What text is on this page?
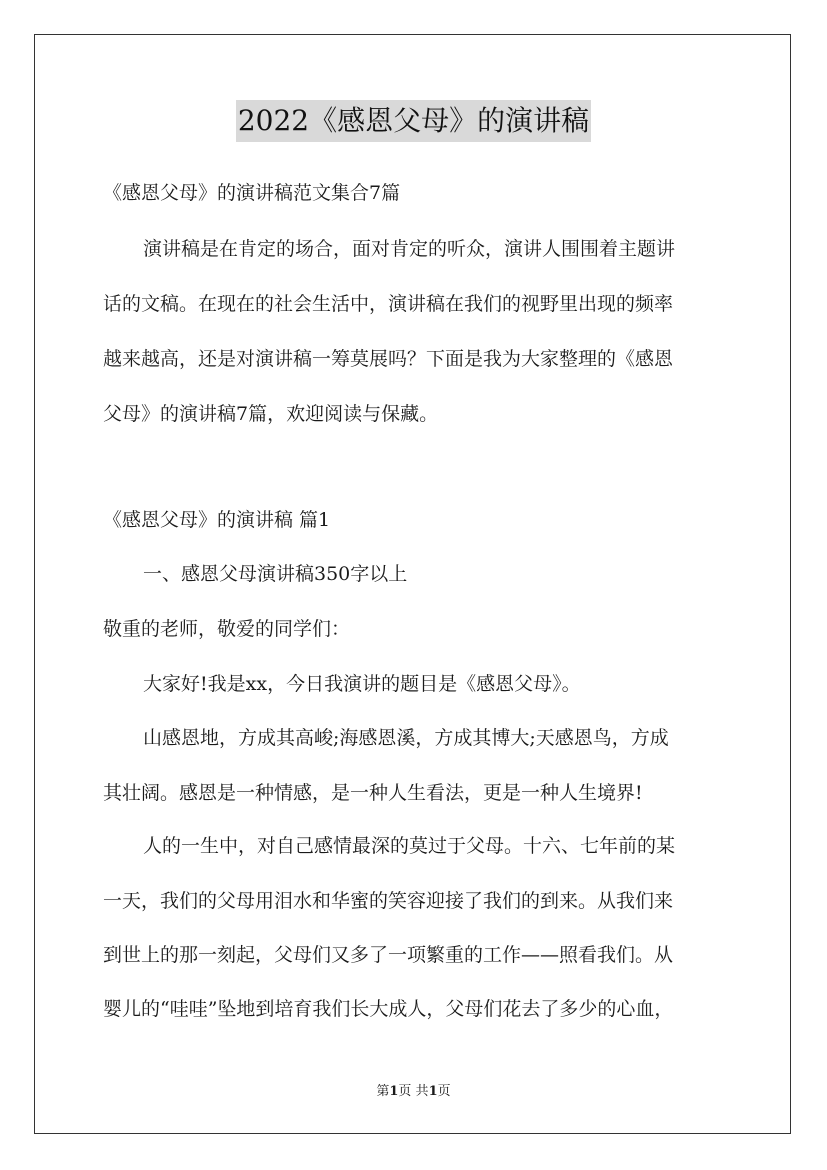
2022《感恩父母》的演讲稿
《感恩父母》的演讲稿范文集合7篇
演讲稿是在肯定的场合，面对肯定的听众，演讲人围围着主题讲
话的文稿。在现在的社会生活中，演讲稿在我们的视野里出现的频率
越来越高，还是对演讲稿一筹莫展吗？下面是我为大家整理的《感恩
父母》的演讲稿7篇，欢迎阅读与保藏。
《感恩父母》的演讲稿 篇1
一、感恩父母演讲稿350字以上
敬重的老师，敬爱的同学们：
大家好!我是xx，今日我演讲的题目是《感恩父母》。
山感恩地，方成其高峻;海感恩溪，方成其博大;天感恩鸟，方成
其壮阔。感恩是一种情感，是一种人生看法，更是一种人生境界!
人的一生中，对自己感情最深的莫过于父母。十六、七年前的某
一天，我们的父母用泪水和华蜜的笑容迎接了我们的到来。从我们来
到世上的那一刻起，父母们又多了一项繁重的工作——照看我们。从
婴儿的“哇哇”坠地到培育我们长大成人，父母们花去了多少的心血，
第1页 共1页
